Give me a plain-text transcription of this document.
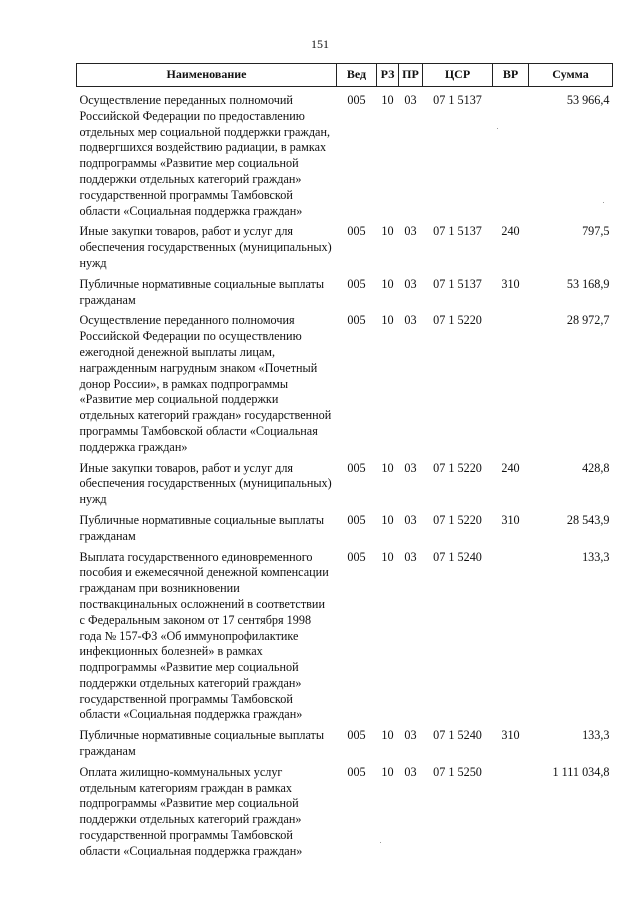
151
Наименование	Вед	РЗ	ПР	ЦСР	ВР	Сумма
Осуществление переданных полномочий Российской Федерации по предоставлению отдельных мер социальной поддержки граждан, подвергшихся воздействию радиации, в рамках подпрограммы «Развитие мер социальной поддержки отдельных категорий граждан» государственной программы Тамбовской области «Социальная поддержка граждан»	005	10	03	07 1 5137		53 966,4
Иные закупки товаров, работ и услуг для обеспечения государственных (муниципальных) нужд	005	10	03	07 1 5137	240	797,5
Публичные нормативные социальные выплаты гражданам	005	10	03	07 1 5137	310	53 168,9
Осуществление переданного полномочия Российской Федерации по осуществлению ежегодной денежной выплаты лицам, награжденным нагрудным знаком «Почетный донор России», в рамках подпрограммы «Развитие мер социальной поддержки отдельных категорий граждан» государственной программы Тамбовской области «Социальная поддержка граждан»	005	10	03	07 1 5220		28 972,7
Иные закупки товаров, работ и услуг для обеспечения государственных (муниципальных) нужд	005	10	03	07 1 5220	240	428,8
Публичные нормативные социальные выплаты гражданам	005	10	03	07 1 5220	310	28 543,9
Выплата государственного единовременного пособия и ежемесячной денежной компенсации гражданам при возникновении поствакцинальных осложнений в соответствии с Федеральным законом от 17 сентября 1998 года № 157-ФЗ «Об иммунопрофилактике инфекционных болезней» в рамках подпрограммы «Развитие мер социальной поддержки отдельных категорий граждан» государственной программы Тамбовской области «Социальная поддержка граждан»	005	10	03	07 1 5240		133,3
Публичные нормативные социальные выплаты гражданам	005	10	03	07 1 5240	310	133,3
Оплата жилищно-коммунальных услуг отдельным категориям граждан в рамках подпрограммы «Развитие мер социальной поддержки отдельных категорий граждан» государственной программы Тамбовской области «Социальная поддержка граждан»	005	10	03	07 1 5250		1 111 034,8
